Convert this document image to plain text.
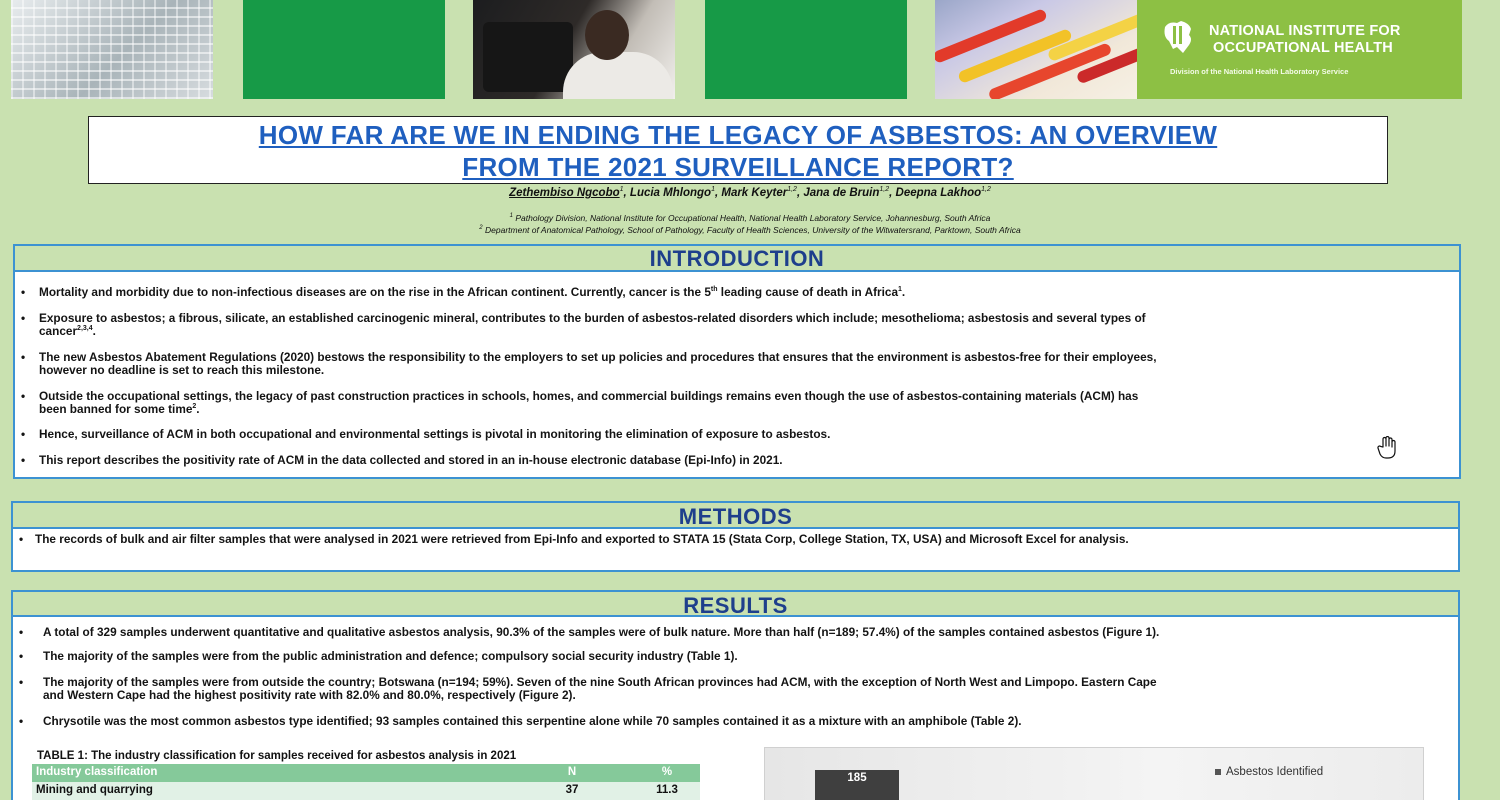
NATIONAL INSTITUTE FOR
OCCUPATIONAL HEALTH
Division of the National Health Laboratory Service
HOW FAR ARE WE IN ENDING THE LEGACY OF ASBESTOS: AN OVERVIEW
FROM THE 2021 SURVEILLANCE REPORT?
Zethembiso Ngcobo$^1$, Lucia Mhlongo$^1$, Mark Keyter$^{1,2}$, Jana de Bruin$^{1,2}$, Deepna Lakhoo$^{1,2}$
$^1$ Pathology Division, National Institute for Occupational Health, National Health Laboratory Service, Johannesburg, South Africa
$^2$ Department of Anatomical Pathology, School of Pathology, Faculty of Health Sciences, University of the Witwatersrand, Parktown, South Africa
INTRODUCTION
• Mortality and morbidity due to non-infectious diseases are on the rise in the African continent. Currently, cancer is the 5th leading cause of death in Africa$^1$.
• Exposure to asbestos; a fibrous, silicate, an established carcinogenic mineral, contributes to the burden of asbestos-related disorders which include; mesothelioma; asbestosis and several types of
cancer$^{2,3,4}$.
• The new Asbestos Abatement Regulations (2020) bestows the responsibility to the employers to set up policies and procedures that ensures that the environment is asbestos-free for their employees,
however no deadline is set to reach this milestone.
• Outside the occupational settings, the legacy of past construction practices in schools, homes, and commercial buildings remains even though the use of asbestos-containing materials (ACM) has
been banned for some time$^2$.
• Hence, surveillance of ACM in both occupational and environmental settings is pivotal in monitoring the elimination of exposure to asbestos.
• This report describes the positivity rate of ACM in the data collected and stored in an in-house electronic database (Epi-Info) in 2021.
METHODS
• The records of bulk and air filter samples that were analysed in 2021 were retrieved from Epi-Info and exported to STATA 15 (Stata Corp, College Station, TX, USA) and Microsoft Excel for analysis.
RESULTS
• A total of 329 samples underwent quantitative and qualitative asbestos analysis, 90.3% of the samples were of bulk nature. More than half (n=189; 57.4%) of the samples contained asbestos (Figure 1).
• The majority of the samples were from the public administration and defence; compulsory social security industry (Table 1).
• The majority of the samples were from outside the country; Botswana (n=194; 59%). Seven of the nine South African provinces had ACM, with the exception of North West and Limpopo. Eastern Cape
and Western Cape had the highest positivity rate with 82.0% and 80.0%, respectively (Figure 2).
• Chrysotile was the most common asbestos type identified; 93 samples contained this serpentine alone while 70 samples contained it as a mixture with an amphibole (Table 2).
TABLE 1: The industry classification for samples received for asbestos analysis in 2021
Industry classification	N	%
Mining and quarrying	37	11.3
185	Asbestos Identified
